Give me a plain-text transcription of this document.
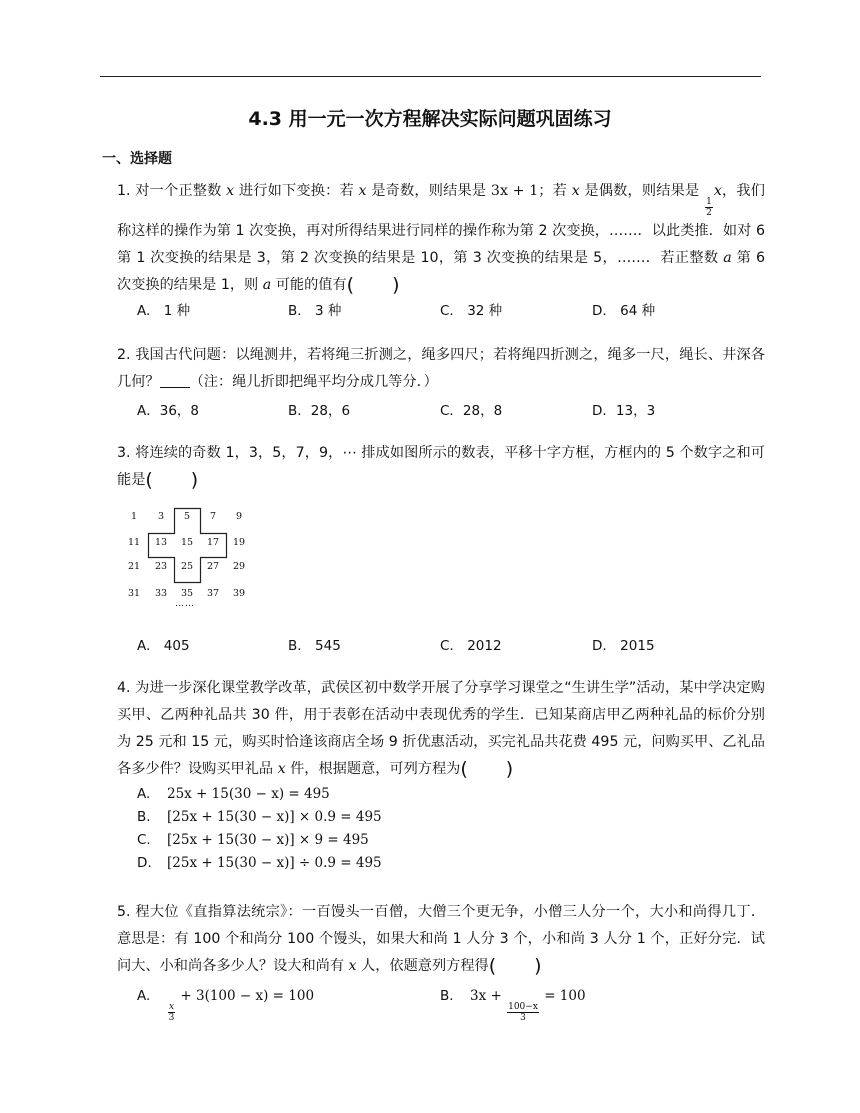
4.3 用一元一次方程解决实际问题巩固练习
一、选择题
1. 对一个正整数 x 进行如下变换：若 x 是奇数，则结果是 3x + 1；若 x 是偶数，则结果是
$\frac{1}{2}$
x，我们称这样的操作为第 1 次变换，再对所得结果进行同样的操作称为第 2 次变换，……．以此类推．如对 6 第 1 次变换的结果是 3，第 2 次变换的结果是 10，第 3 次变换的结果是 5，……．若正整数 a 第 6 次变换的结果是 1，则 a 可能的值有(　　)
A.　1 种	B.　3 种	C.　32 种	D.　64 种
2. 我国古代问题：以绳测井，若将绳三折测之，绳多四尺；若将绳四折测之，绳多一尺，绳长、井深各几何？ （注：绳儿折即把绳平均分成几等分．）
A．36，8	B．28，6	C．28，8	D．13，3
3. 将连续的奇数 1，3，5，7，9，⋯ 排成如图所示的数表，平移十字方框，方框内的 5 个数字之和可能是(　　)
1	3	5	7	9
11	13	15	17	19
21	23	25	27	29
31	33	35	37	39
……
A.　405	B.　545	C.　2012	D.　2015
4. 为进一步深化课堂教学改革，武侯区初中数学开展了分享学习课堂之“生讲生学”活动，某中学决定购买甲、乙两种礼品共 30 件，用于表彰在活动中表现优秀的学生．已知某商店甲乙两种礼品的标价分别为 25 元和 15 元，购买时恰逢该商店全场 9 折优惠活动，买完礼品共花费 495 元，问购买甲、乙礼品各多少件？设购买甲礼品 x 件，根据题意，可列方程为(　　)
A. 25x + 15(30 − x) = 495
B. [25x + 15(30 − x)] × 0.9 = 495
C. [25x + 15(30 − x)] × 9 = 495
D. [25x + 15(30 − x)] ÷ 0.9 = 495
5. 程大位《直指算法统宗》：一百馒头一百僧，大僧三个更无争，小僧三人分一个，大小和尚得几丁．意思是：有 100 个和尚分 100 个馒头，如果大和尚 1 人分 3 个，小和尚 3 人分 1 个，正好分完．试问大、小和尚各多少人？设大和尚有 x 人，依题意列方程得(　　)
A.
$\frac{x}{3}$
+ 3(100 − x) = 100	B. 3x +
$\frac{100-x}{3}$
= 100
